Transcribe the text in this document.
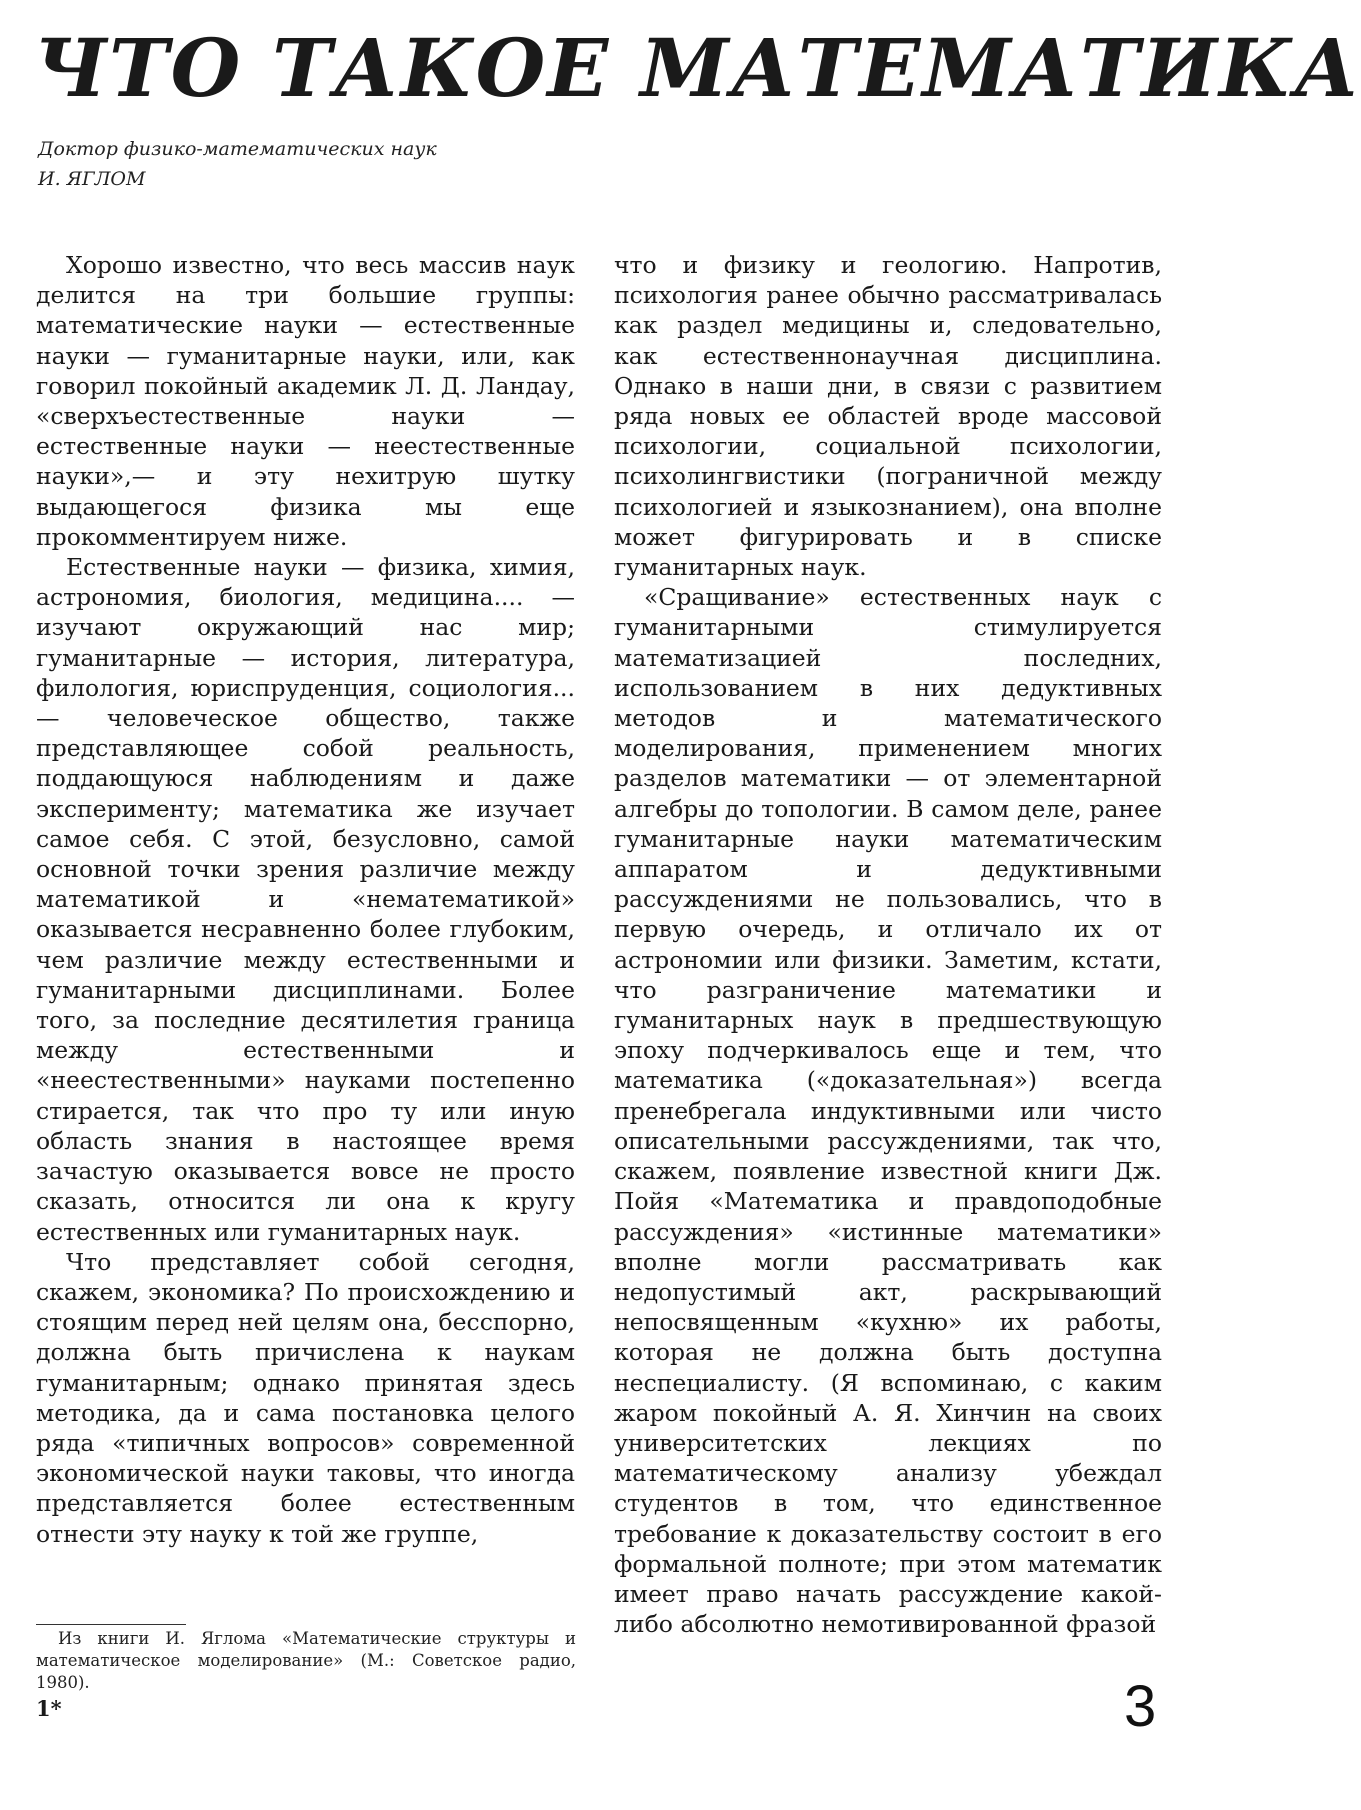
ЧТО ТАКОЕ МАТЕМАТИКА
Доктор физико-математических наук
И. ЯГЛОМ

Хорошо известно, что весь массив наук делится на три большие группы: математические науки — естественные науки — гуманитарные науки, или, как говорил покойный академик Л. Д. Ландау, «сверхъестественные науки — естественные науки — неестественные науки»,— и эту нехитрую шутку выдающегося физика мы еще прокомментируем ниже.

Естественные науки — физика, химия, астрономия, биология, медицина.... — изучают окружающий нас мир; гуманитарные — история, литература, филология, юриспруденция, социология... — человеческое общество, также представляющее собой реальность, поддающуюся наблюдениям и даже эксперименту; математика же изучает самое себя. С этой, безусловно, самой основной точки зрения различие между математикой и «нематематикой» оказывается несравненно более глубоким, чем различие между естественными и гуманитарными дисциплинами. Более того, за последние десятилетия граница между естественными и «неестественными» науками постепенно стирается, так что про ту или иную область знания в настоящее время зачастую оказывается вовсе не просто сказать, относится ли она к кругу естественных или гуманитарных наук.

Что представляет собой сегодня, скажем, экономика? По происхождению и стоящим перед ней целям она, бесспорно, должна быть причислена к наукам гуманитарным; однако принятая здесь методика, да и сама постановка целого ряда «типичных вопросов» современной экономической науки таковы, что иногда представляется более естественным отнести эту науку к той же группе,

что и физику и геологию. Напротив, психология ранее обычно рассматривалась как раздел медицины и, следовательно, как естественнонаучная дисциплина. Однако в наши дни, в связи с развитием ряда новых ее областей вроде массовой психологии, социальной психологии, психолингвистики (пограничной между психологией и языкознанием), она вполне может фигурировать и в списке гуманитарных наук.

«Сращивание» естественных наук с гуманитарными стимулируется математизацией последних, использованием в них дедуктивных методов и математического моделирования, применением многих разделов математики — от элементарной алгебры до топологии. В самом деле, ранее гуманитарные науки математическим аппаратом и дедуктивными рассуждениями не пользовались, что в первую очередь, и отличало их от астрономии или физики. Заметим, кстати, что разграничение математики и гуманитарных наук в предшествующую эпоху подчеркивалось еще и тем, что математика («доказательная») всегда пренебрегала индуктивными или чисто описательными рассуждениями, так что, скажем, появление известной книги Дж. Пойя «Математика и правдоподобные рассуждения» «истинные математики» вполне могли рассматривать как недопустимый акт, раскрывающий непосвященным «кухню» их работы, которая не должна быть доступна неспециалисту. (Я вспоминаю, с каким жаром покойный А. Я. Хинчин на своих университетских лекциях по математическому анализу убеждал студентов в том, что единственное требование к доказательству состоит в его формальной полноте; при этом математик имеет право начать рассуждение какой-либо абсолютно немотивированной фразой

Из книги И. Яглома «Математические структуры и математическое моделирование» (М.: Советское радио, 1980).
1*	3
